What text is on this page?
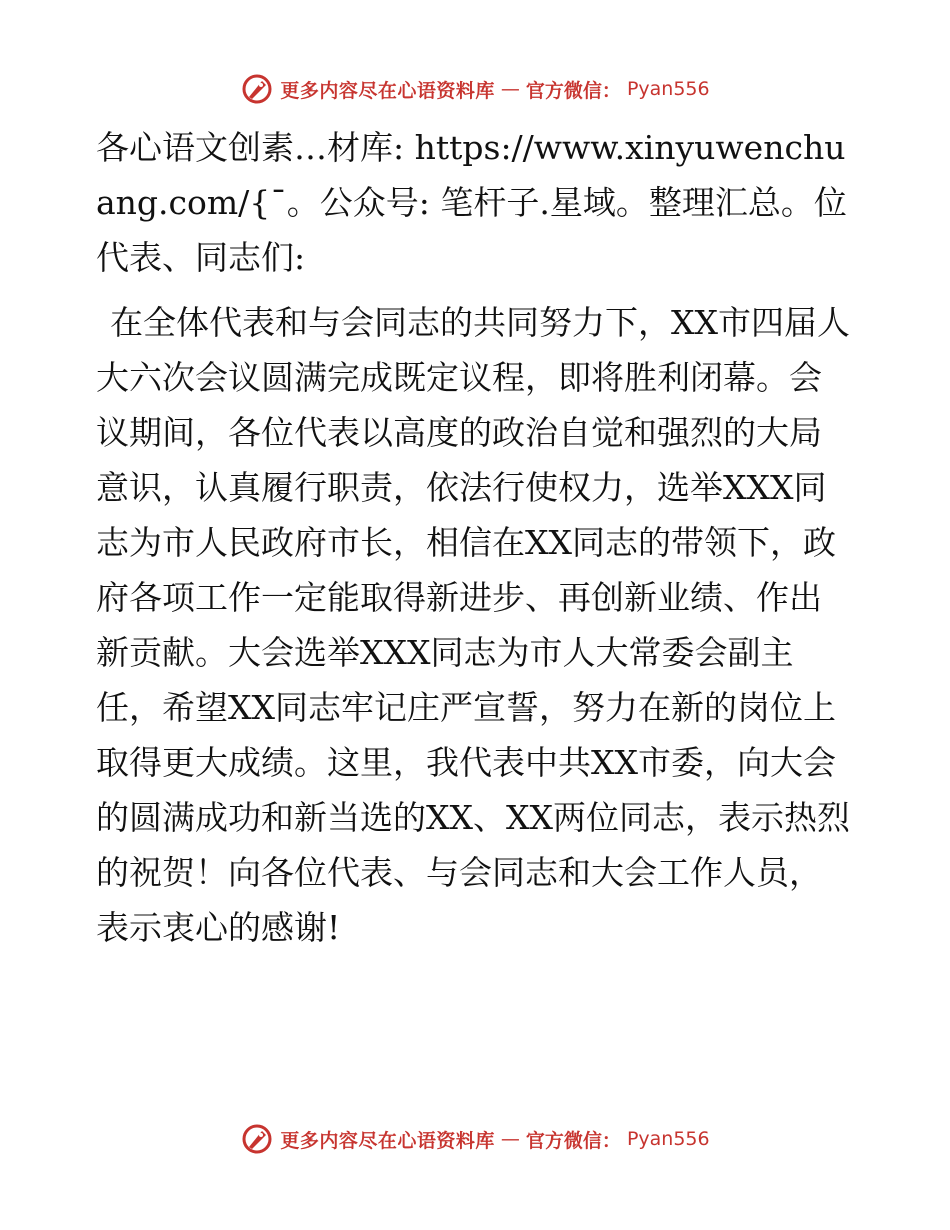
更多内容尽在心语资料库 — 官方微信： Pyan556

各心语文创素…材库: https://www.xinyuwenchuang.com/{¯。公众号: 笔杆子.星域。整理汇总。位代表、同志们:

在全体代表和与会同志的共同努力下，XX市四届人大六次会议圆满完成既定议程，即将胜利闭幕。会议期间，各位代表以高度的政治自觉和强烈的大局意识，认真履行职责，依法行使权力，选举XXX同志为市人民政府市长，相信在XX同志的带领下，政府各项工作一定能取得新进步、再创新业绩、作出新贡献。大会选举XXX同志为市人大常委会副主任，希望XX同志牢记庄严宣誓，努力在新的岗位上取得更大成绩。这里，我代表中共XX市委，向大会的圆满成功和新当选的XX、XX两位同志，表示热烈的祝贺！向各位代表、与会同志和大会工作人员，表示衷心的感谢!

更多内容尽在心语资料库 — 官方微信： Pyan556
